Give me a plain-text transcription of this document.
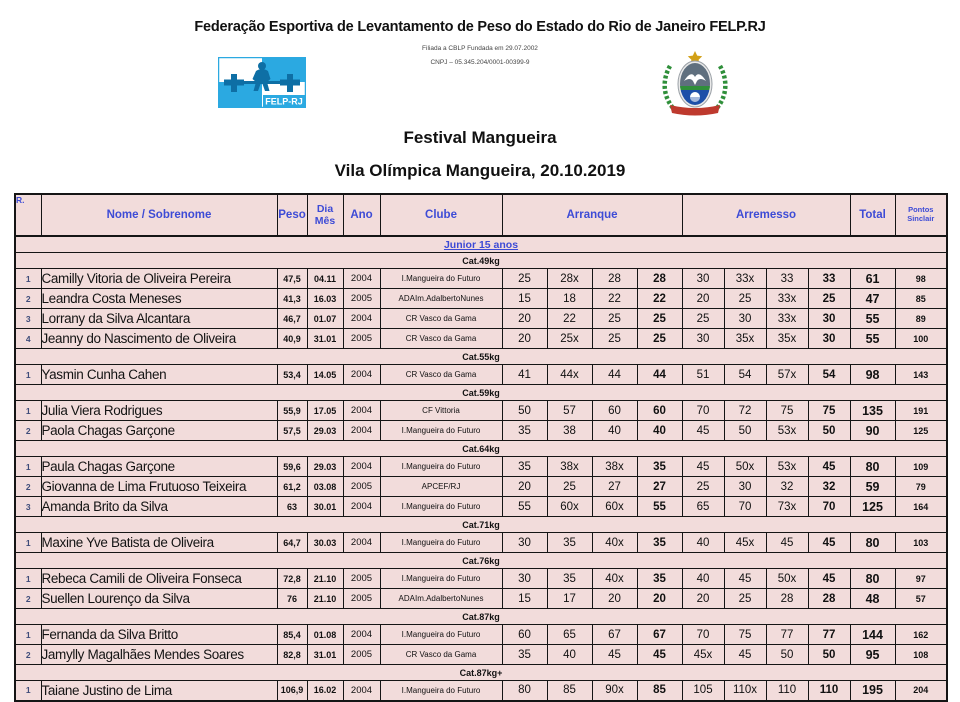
Federação Esportiva de Levantamento de Peso do Estado do Rio de Janeiro FELP.RJ
Filiada a CBLP Fundada em 29.07.2002
CNPJ – 05.345.204/0001-00399-9
FELP-RJ
Festival Mangueira
Vila Olímpica Mangueira, 20.10.2019
R.	Nome / Sobrenome	Peso	Dia Mês	Ano	Clube	Arranque				Arremesso				Total	Pontos Sinclair
Junior 15 anos															
Cat.49kg															
1	Camilly Vitoria de Oliveira Pereira	47,5	04.11	2004	I.Mangueira do Futuro	25	28x	28	28	30	33x	33	33	61	98
2	Leandra Costa Meneses	41,3	16.03	2005	ADAIm.AdalbertoNunes	15	18	22	22	20	25	33x	25	47	85
3	Lorrany da Silva Alcantara	46,7	01.07	2004	CR Vasco da Gama	20	22	25	25	25	30	33x	30	55	89
4	Jeanny do Nascimento de Oliveira	40,9	31.01	2005	CR Vasco da Gama	20	25x	25	25	30	35x	35x	30	55	100
Cat.55kg															
1	Yasmin Cunha Cahen	53,4	14.05	2004	CR Vasco da Gama	41	44x	44	44	51	54	57x	54	98	143
Cat.59kg															
1	Julia Viera Rodrigues	55,9	17.05	2004	CF Vittoria	50	57	60	60	70	72	75	75	135	191
2	Paola Chagas Garçone	57,5	29.03	2004	I.Mangueira do Futuro	35	38	40	40	45	50	53x	50	90	125
Cat.64kg															
1	Paula Chagas Garçone	59,6	29.03	2004	I.Mangueira do Futuro	35	38x	38x	35	45	50x	53x	45	80	109
2	Giovanna de Lima Frutuoso Teixeira	61,2	03.08	2005	APCEF/RJ	20	25	27	27	25	30	32	32	59	79
3	Amanda Brito da Silva	63	30.01	2004	I.Mangueira do Futuro	55	60x	60x	55	65	70	73x	70	125	164
Cat.71kg															
1	Maxine Yve Batista de Oliveira	64,7	30.03	2004	I.Mangueira do Futuro	30	35	40x	35	40	45x	45	45	80	103
Cat.76kg															
1	Rebeca Camili de Oliveira Fonseca	72,8	21.10	2005	I.Mangueira do Futuro	30	35	40x	35	40	45	50x	45	80	97
2	Suellen Lourenço da Silva	76	21.10	2005	ADAIm.AdalbertoNunes	15	17	20	20	20	25	28	28	48	57
Cat.87kg															
1	Fernanda da Silva Britto	85,4	01.08	2004	I.Mangueira do Futuro	60	65	67	67	70	75	77	77	144	162
2	Jamylly Magalhães Mendes Soares	82,8	31.01	2005	CR Vasco da Gama	35	40	45	45	45x	45	50	50	95	108
Cat.87kg+															
1	Taiane Justino de Lima	106,9	16.02	2004	I.Mangueira do Futuro	80	85	90x	85	105	110x	110	110	195	204
